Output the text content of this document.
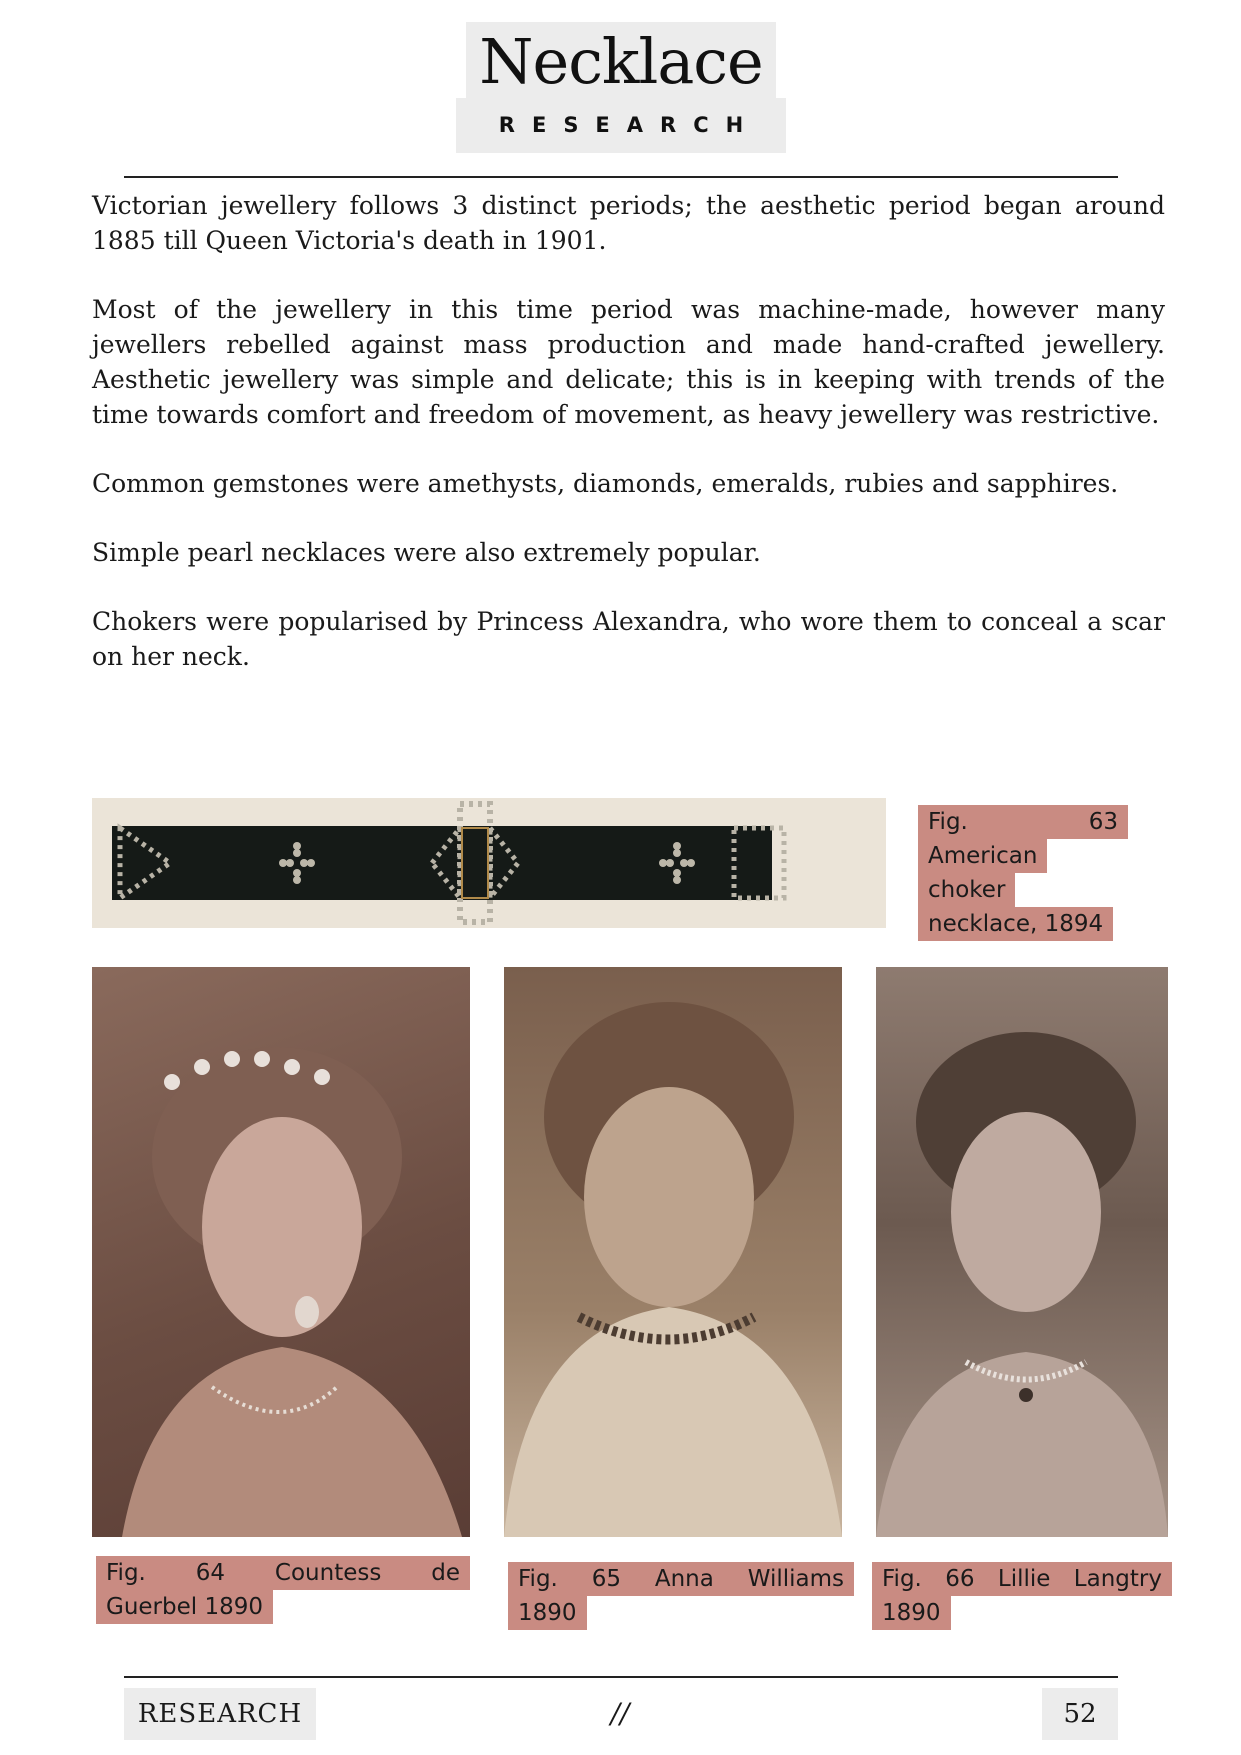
Necklace
RESEARCH

Victorian jewellery follows 3 distinct periods; the aesthetic period began around 1885 till Queen Victoria's death in 1901.

Most of the jewellery in this time period was machine-made, however many jewellers rebelled against mass production and made hand-crafted jewellery. Aesthetic jewellery was simple and delicate; this is in keeping with trends of the time towards comfort and freedom of movement, as heavy jewellery was restrictive.

Common gemstones were amethysts, diamonds, emeralds, rubies and sapphires.

Simple pearl necklaces were also extremely popular.

Chokers were popularised by Princess Alexandra, who wore them to conceal a scar on her neck.

Fig.	63
American
choker
necklace, 1894
Fig. 64 Countess de
Guerbel 1890
Fig. 65 Anna Williams
1890
Fig. 66 Lillie Langtry
1890
RESEARCH	//	52
